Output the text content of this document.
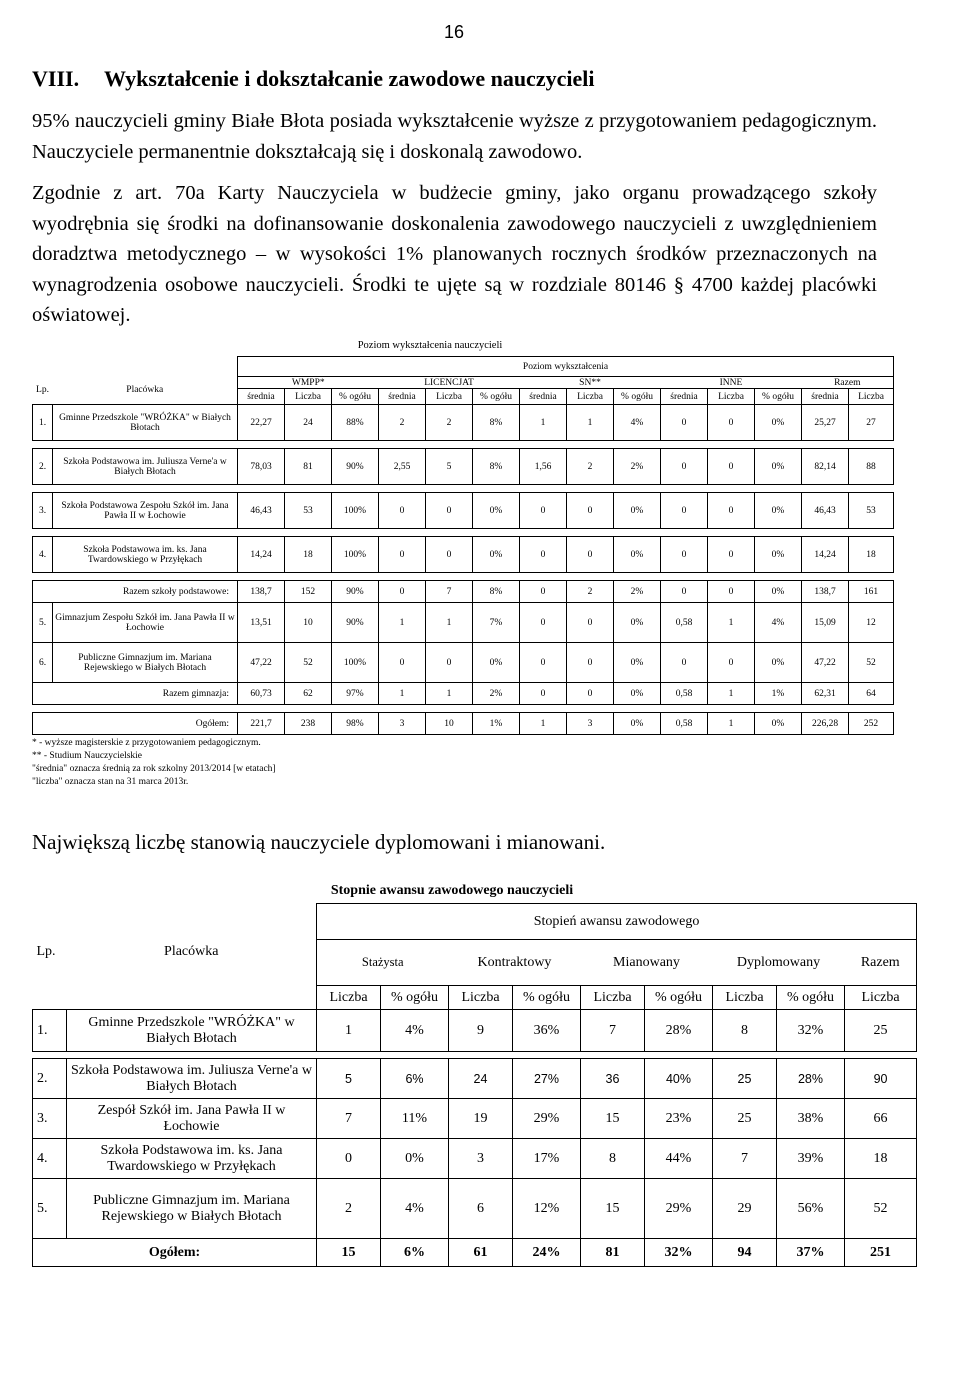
16
VIII. Wykształcenie i dokształcanie zawodowe nauczycieli
95% nauczycieli gminy Białe Błota posiada wykształcenie wyższe z przygotowaniem pedagogicznym. Nauczyciele permanentnie dokształcają się i doskonalą zawodowo.
Zgodnie z art. 70a Karty Nauczyciela w budżecie gminy, jako organu prowadzącego szkoły wyodrębnia się środki na dofinansowanie doskonalenia zawodowego nauczycieli z uwzględnieniem doradztwa metodycznego – w wysokości 1% planowanych rocznych środków przeznaczonych na wynagrodzenia osobowe nauczycieli. Środki te ujęte są w rozdziale 80146 § 4700 każdej placówki oświatowej.
Poziom wykształcenia nauczycieli
		Poziom wykształcenia													
Lp.	Placówka	WMPP*			LICENCJAT			SN**			INNE			Razem	
		średnia	Liczba	% ogółu	średnia	Liczba	% ogółu	średnia	Liczba	% ogółu	średnia	Liczba	% ogółu	średnia	Liczba
1.	Gminne Przedszkole "WRÓŻKA" w Białych Błotach	22,27	24	88%	2	2	8%	1	1	4%	0	0	0%	25,27	27

2.	Szkoła Podstawowa im. Juliusza Verne'a w Białych Błotach	78,03	81	90%	2,55	5	8%	1,56	2	2%	0	0	0%	82,14	88

3.	Szkoła Podstawowa Zespołu Szkół im. Jana Pawła II w Łochowie	46,43	53	100%	0	0	0%	0	0	0%	0	0	0%	46,43	53

4.	Szkoła Podstawowa im. ks. Jana Twardowskiego w Przyłękach	14,24	18	100%	0	0	0%	0	0	0%	0	0	0%	14,24	18

Razem szkoły podstawowe:		138,7	152	90%	0	7	8%	0	2	2%	0	0	0%	138,7	161
5.	Gimnazjum Zespołu Szkół im. Jana Pawła II w Łochowie	13,51	10	90%	1	1	7%	0	0	0%	0,58	1	4%	15,09	12
6.	Publiczne Gimnazjum im. Mariana Rejewskiego w Białych Błotach	47,22	52	100%	0	0	0%	0	0	0%	0	0	0%	47,22	52
Razem gimnazja:		60,73	62	97%	1	1	2%	0	0	0%	0,58	1	1%	62,31	64

Ogółem:		221,7	238	98%	3	10	1%	1	3	0%	0,58	1	0%	226,28	252
* - wyższe magisterskie z przygotowaniem pedagogicznym.
** - Studium Nauczycielskie
"średnia" oznacza średnią za rok szkolny 2013/2014 [w etatach]
"liczba" oznacza stan na 31 marca 2013r.
Największą liczbę stanowią nauczyciele dyplomowani i mianowani.
Stopnie awansu zawodowego nauczycieli
		Stopień awansu zawodowego								
Lp.	Placówka	Stażysta		Kontraktowy		Mianowany		Dyplomowany		Razem
		Liczba	% ogółu	Liczba	% ogółu	Liczba	% ogółu	Liczba	% ogółu	Liczba
1.	Gminne Przedszkole "WRÓŻKA" w Białych Błotach	1	4%	9	36%	7	28%	8	32%	25

2.	Szkoła Podstawowa im. Juliusza Verne'a w Białych Błotach	5	6%	24	27%	36	40%	25	28%	90
3.	Zespół Szkół im. Jana Pawła II w Łochowie	7	11%	19	29%	15	23%	25	38%	66
4.	Szkoła Podstawowa im. ks. Jana Twardowskiego w Przyłękach	0	0%	3	17%	8	44%	7	39%	18
5.	Publiczne Gimnazjum im. Mariana Rejewskiego w Białych Błotach	2	4%	6	12%	15	29%	29	56%	52
Ogółem:		15	6%	61	24%	81	32%	94	37%	251
